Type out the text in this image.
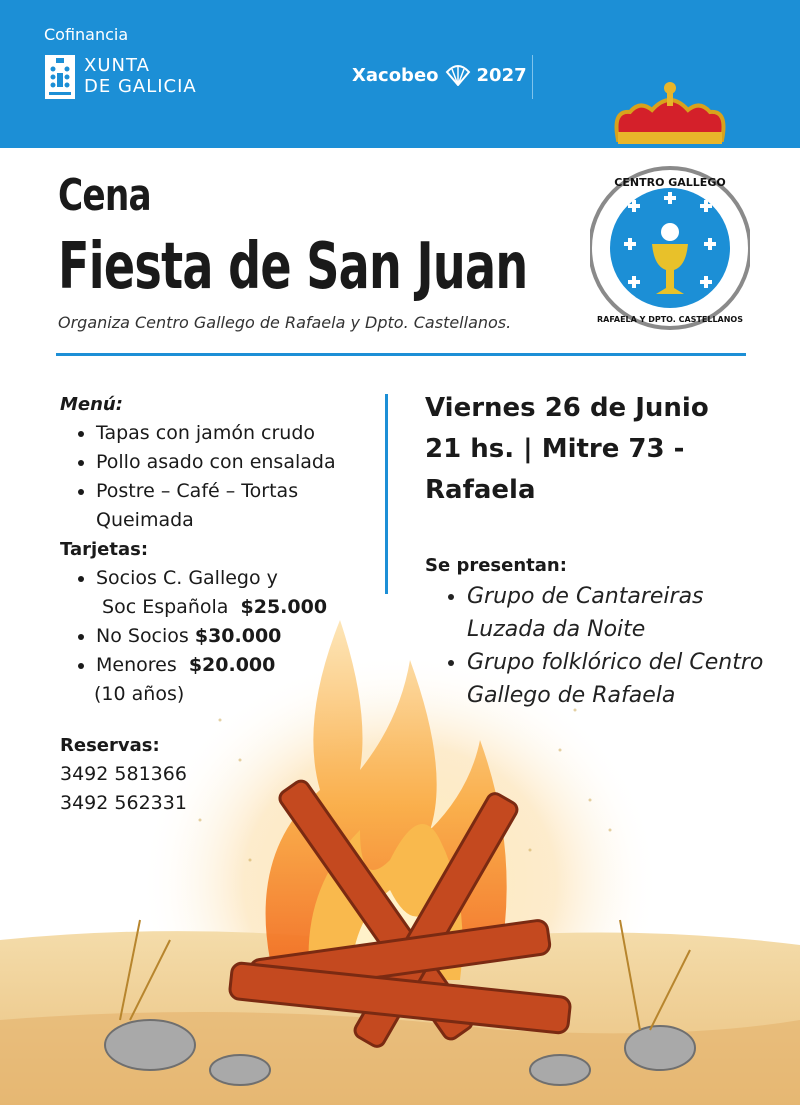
Cofinancia
XUNTA
DE GALICIA
Xacobeo 2027
CENTRO GALLEGO
RAFAELA Y DPTO. CASTELLANOS
Cena
Fiesta de San Juan
Organiza Centro Gallego de Rafaela y Dpto. Castellanos.
Menú:
• Tapas con jamón crudo
• Pollo asado con ensalada
• Postre – Café – Tortas
Queimada
Tarjetas:
• Socios C. Gallego y
Soc Española $25.000
• No Socios $30.000
• Menores $20.000
(10 años)
Reservas:
3492 581366
3492 562331
Viernes 26 de Junio
21 hs. | Mitre 73 -
Rafaela
Se presentan:
• Grupo de Cantareiras Luzada da Noite
• Grupo folklórico del Centro Gallego de Rafaela
